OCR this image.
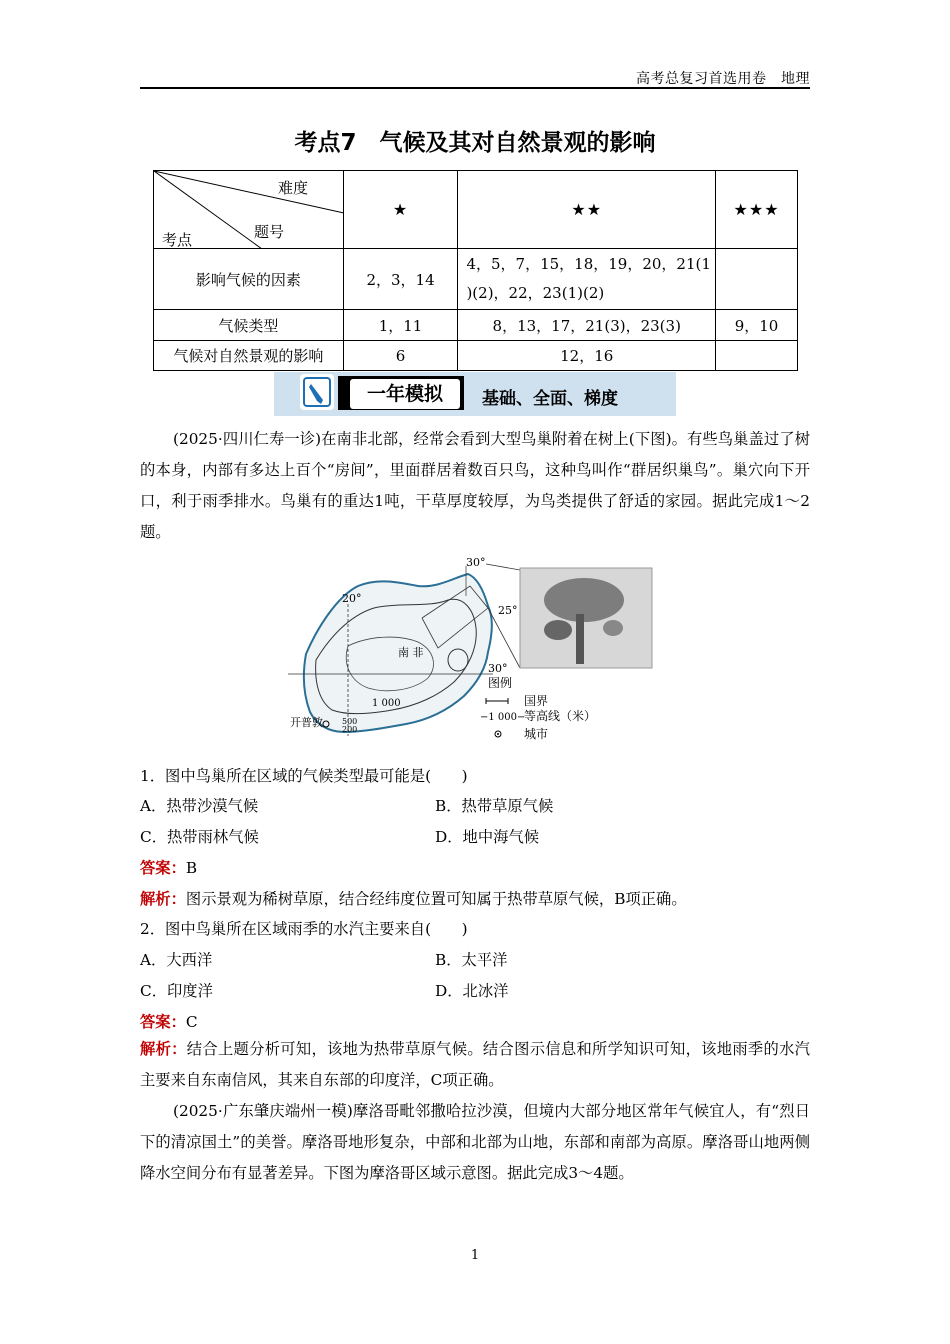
高考总复习首选用卷　地理
考点7　气候及其对自然景观的影响
难度
题号
考点	★	★★	★★★
影响气候的因素	2，3，14	4，5，7，15，18，19，20，21(1
)(2)，22，23(1)(2)	

气候类型	1，11	8，13，17，21(3)，23(3)	9，10
气候对自然景观的影响	6	12，16	
一年模拟	基础、全面、梯度
(2025·四川仁寿一诊)在南非北部，经常会看到大型鸟巢附着在树上(下图)。有些鸟巢盖过了树的本身，内部有多达上百个“房间”，里面群居着数百只鸟，这种鸟叫作“群居织巢鸟”。巢穴向下开口，利于雨季排水。鸟巢有的重达1吨，干草厚度较厚，为鸟类提供了舒适的家园。据此完成1～2题。
30°
25°
20°
30°
南 非
1 000
开普敦 500
200
图例
国界
−1 000−
等高线（米）
城市
1．图中鸟巢所在区域的气候类型最可能是(　　)
A．热带沙漠气候	B．热带草原气候
C．热带雨林气候	D．地中海气候
答案：B
解析：图示景观为稀树草原，结合经纬度位置可知属于热带草原气候，B项正确。
2．图中鸟巢所在区域雨季的水汽主要来自(　　)
A．大西洋	B．太平洋
C．印度洋	D．北冰洋
答案：C
解析：结合上题分析可知，该地为热带草原气候。结合图示信息和所学知识可知，该地雨季的水汽主要来自东南信风，其来自东部的印度洋，C项正确。
(2025·广东肇庆端州一模)摩洛哥毗邻撒哈拉沙漠，但境内大部分地区常年气候宜人，有“烈日下的清凉国土”的美誉。摩洛哥地形复杂，中部和北部为山地，东部和南部为高原。摩洛哥山地两侧降水空间分布有显著差异。下图为摩洛哥区域示意图。据此完成3～4题。
1
